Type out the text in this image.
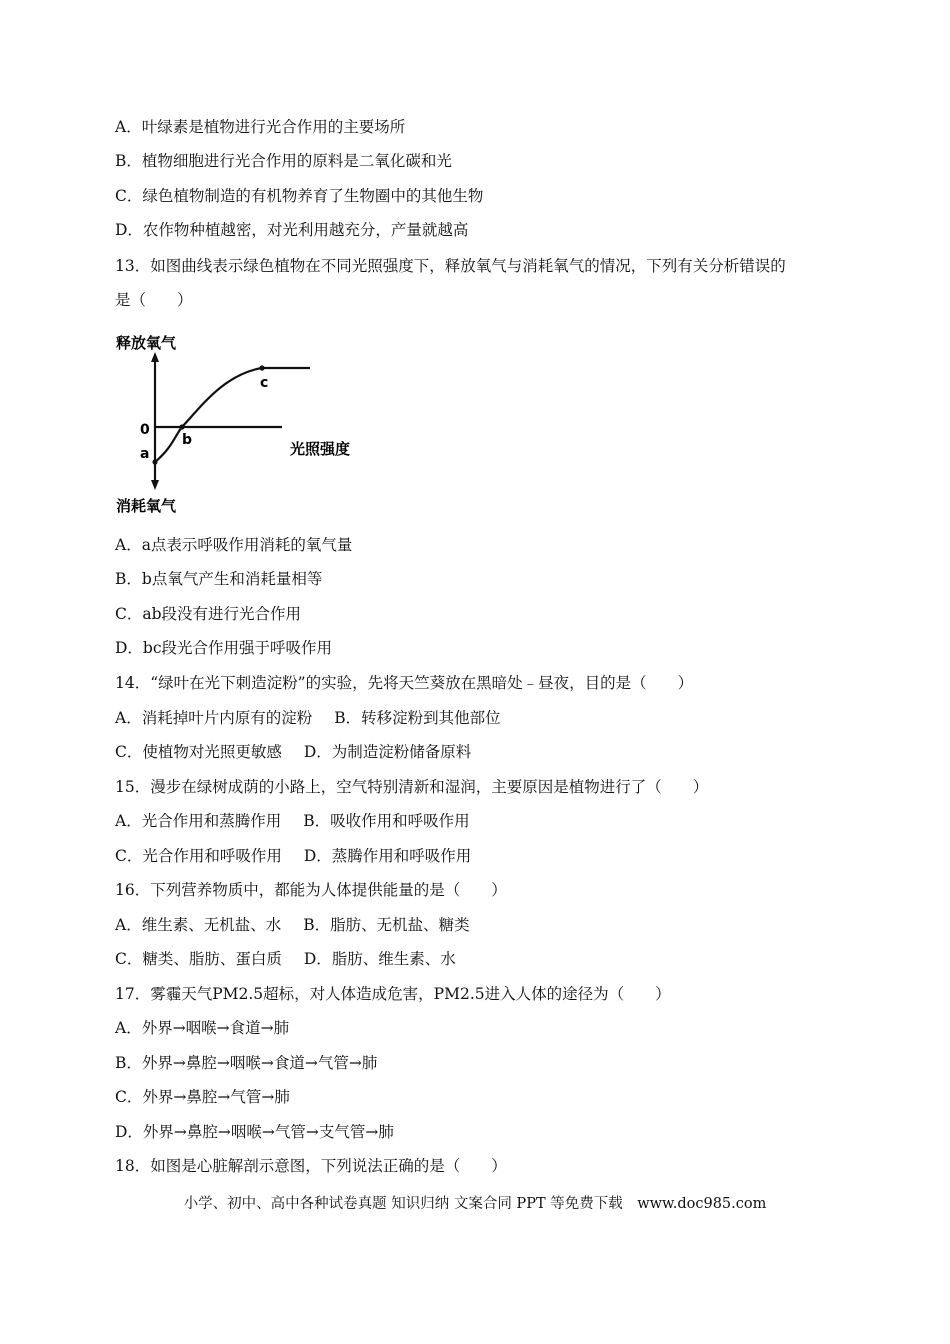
A．叶绿素是植物进行光合作用的主要场所
B．植物细胞进行光合作用的原料是二氧化碳和光
C．绿色植物制造的有机物养育了生物圈中的其他生物
D．农作物种植越密，对光利用越充分，产量就越高
13．如图曲线表示绿色植物在不同光照强度下，释放氧气与消耗氧气的情况，下列有关分析错误的
是（　　）
释放氧气
消耗氧气
光照强度
0
a
b
c
A．a点表示呼吸作用消耗的氧气量
B．b点氧气产生和消耗量相等
C．ab段没有进行光合作用
D．bc段光合作用强于呼吸作用
14．“绿叶在光下刺造淀粉”的实验，先将天竺葵放在黑暗处﹣昼夜，目的是（　　）
A．消耗掉叶片内原有的淀粉 B．转移淀粉到其他部位
C．使植物对光照更敏感 D．为制造淀粉储备原料
15．漫步在绿树成荫的小路上，空气特别清新和湿润，主要原因是植物进行了（　　）
A．光合作用和蒸腾作用 B．吸收作用和呼吸作用
C．光合作用和呼吸作用 D．蒸腾作用和呼吸作用
16．下列营养物质中，都能为人体提供能量的是（　　）
A．维生素、无机盐、水 B．脂肪、无机盐、糖类
C．糖类、脂肪、蛋白质 D．脂肪、维生素、水
17．雾霾天气PM2.5超标，对人体造成危害，PM2.5进入人体的途径为（　　）
A．外界→咽喉→食道→肺
B．外界→鼻腔→咽喉→食道→气管→肺
C．外界→鼻腔→气管→肺
D．外界→鼻腔→咽喉→气管→支气管→肺
18．如图是心脏解剖示意图，下列说法正确的是（　　）
小学、初中、高中各种试卷真题 知识归纳 文案合同 PPT 等免费下载　www.doc985.com
